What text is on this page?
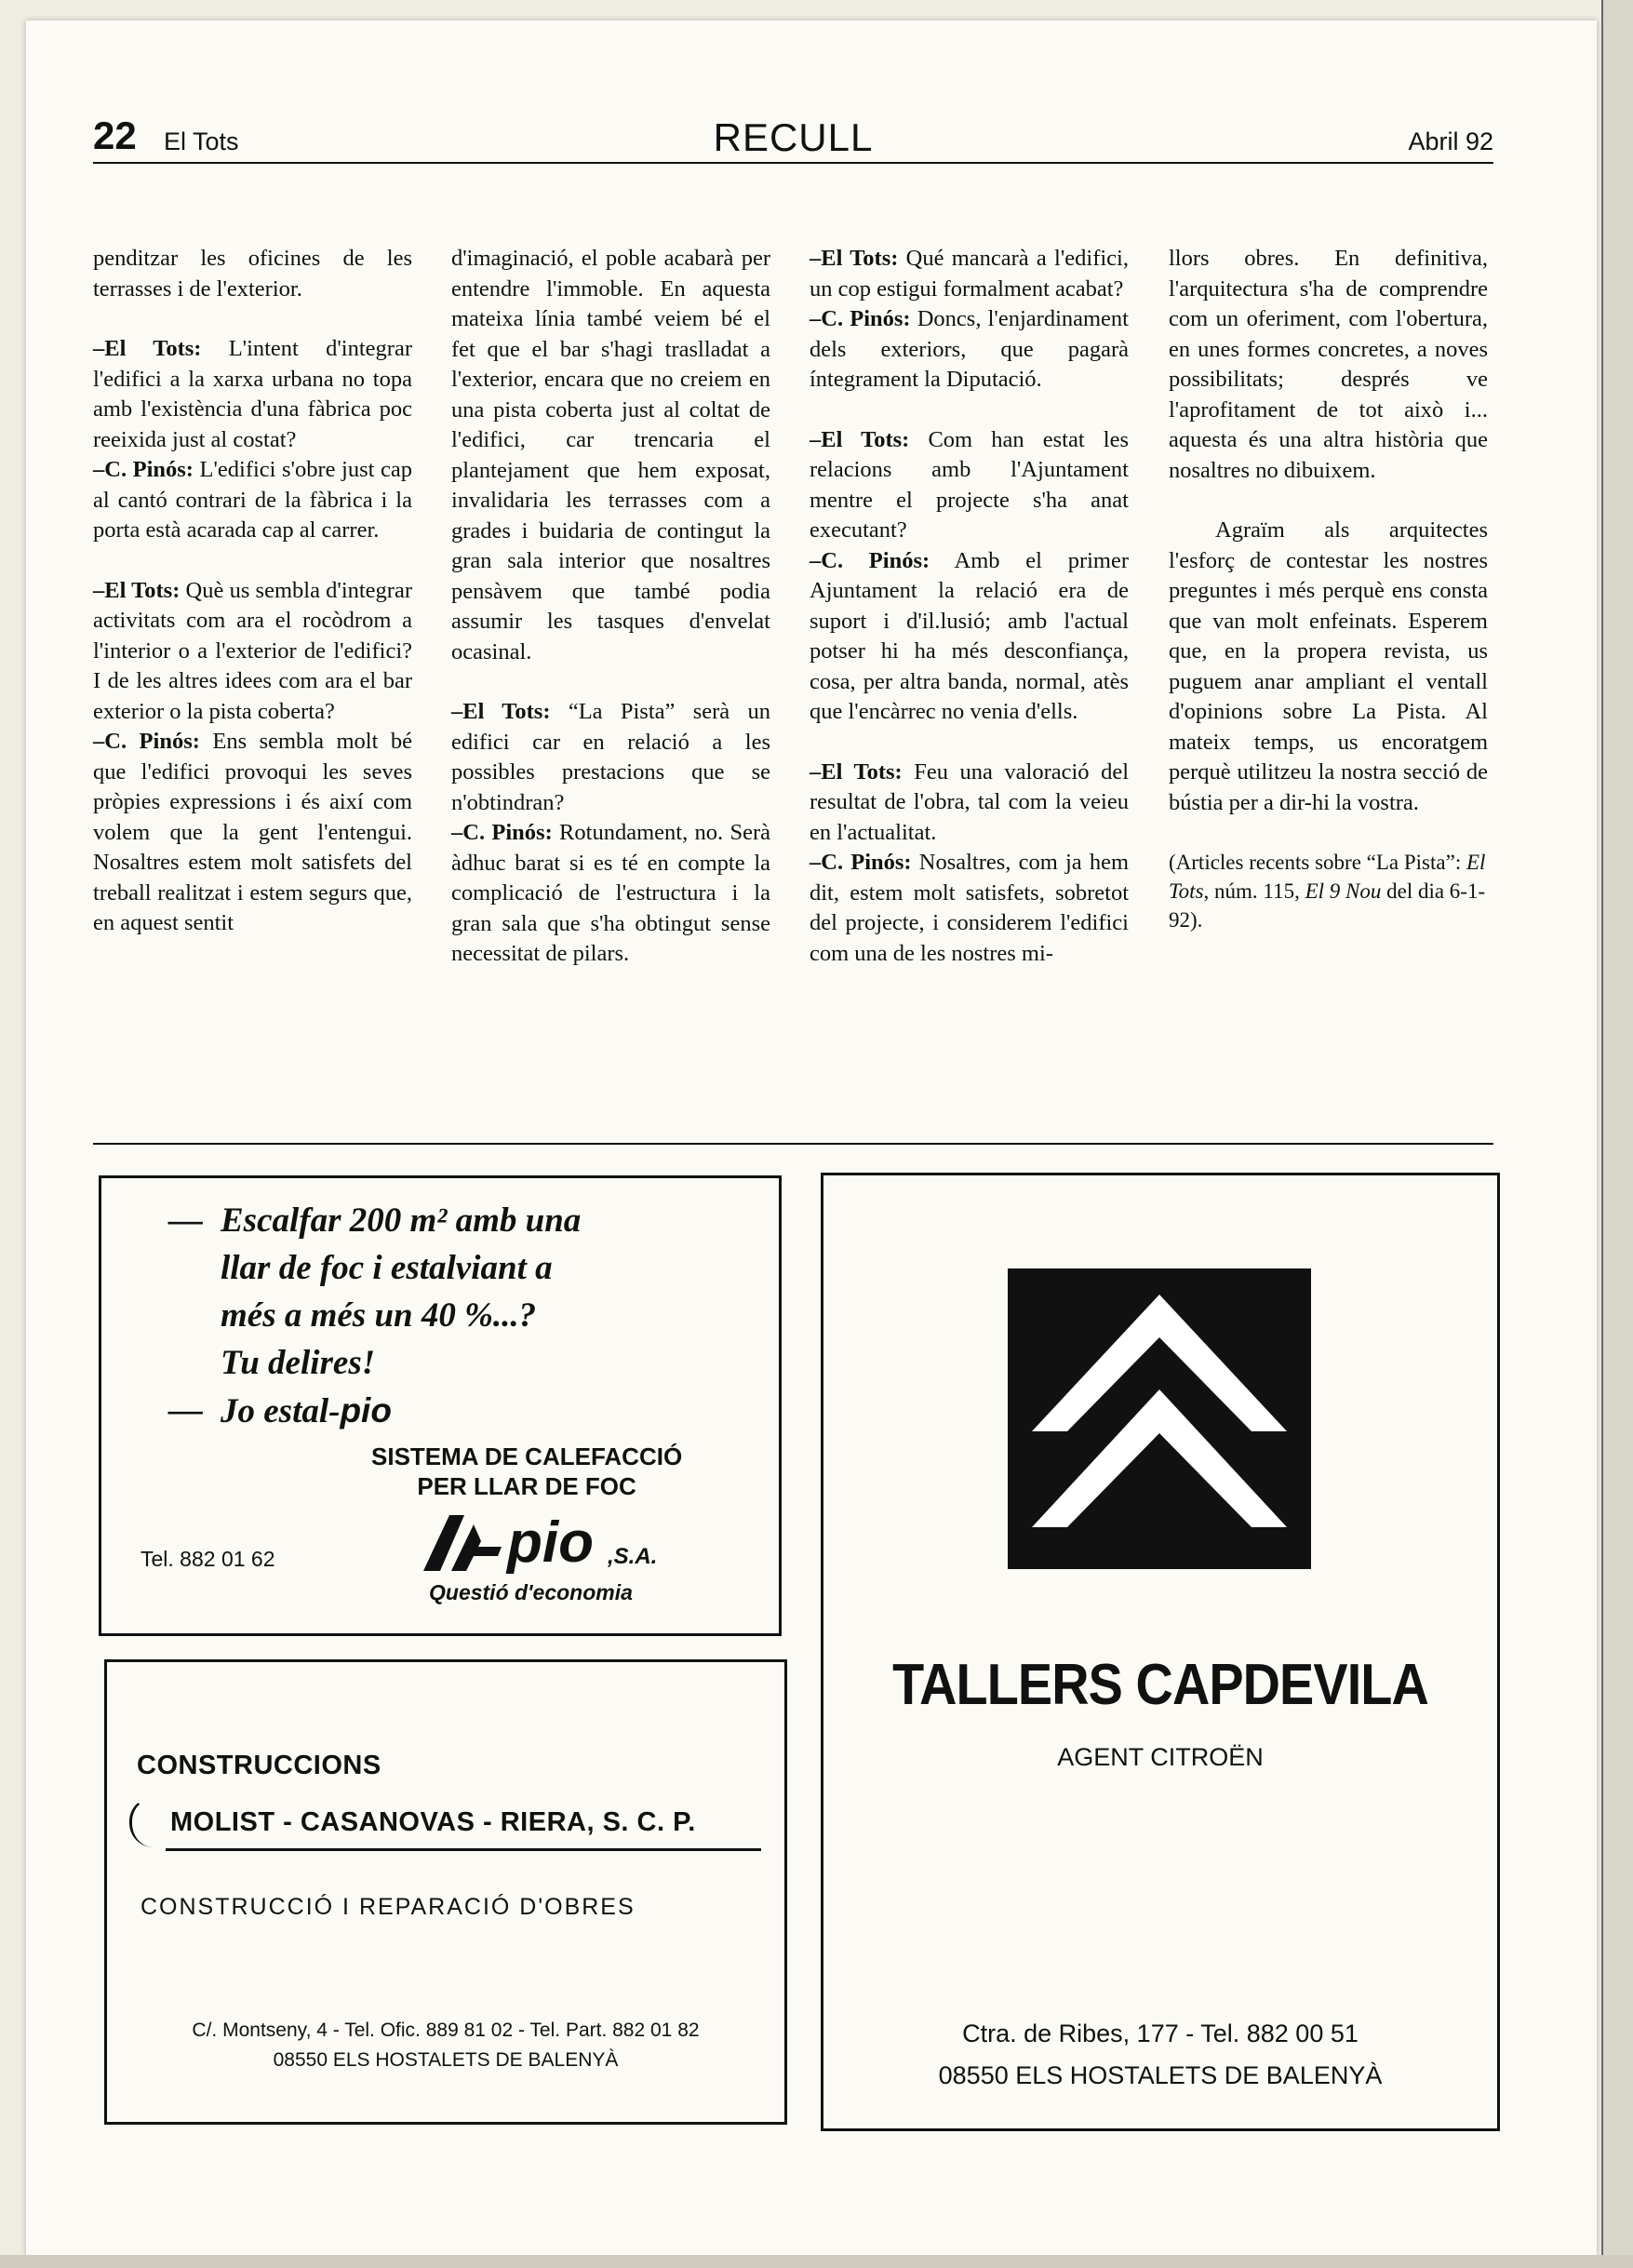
22 El Tots	RECULL	Abril 92

penditzar les oficines de les terrasses i de l'exterior.

–El Tots: L'intent d'integrar l'edifici a la xarxa urbana no topa amb l'existència d'una fàbrica poc reeixida just al costat?

–C. Pinós: L'edifici s'obre just cap al cantó contrari de la fàbrica i la porta està acarada cap al carrer.

–El Tots: Què us sembla d'integrar activitats com ara el rocòdrom a l'interior o a l'exterior de l'edifici? I de les altres idees com ara el bar exterior o la pista coberta?

–C. Pinós: Ens sembla molt bé que l'edifici provoqui les seves pròpies expressions i és així com volem que la gent l'entengui. Nosaltres estem molt satisfets del treball realitzat i estem segurs que, en aquest sentit

d'imaginació, el poble acabarà per entendre l'immoble. En aquesta mateixa línia també veiem bé el fet que el bar s'hagi traslladat a l'exterior, encara que no creiem en una pista coberta just al coltat de l'edifici, car trencaria el plantejament que hem exposat, invalidaria les terrasses com a grades i buidaria de contingut la gran sala interior que nosaltres pensàvem que també podia assumir les tasques d'envelat ocasinal.

–El Tots: “La Pista” serà un edifici car en relació a les possibles prestacions que se n'obtindran?

–C. Pinós: Rotundament, no. Serà àdhuc barat si es té en compte la complicació de l'estructura i la gran sala que s'ha obtingut sense necessitat de pilars.

–El Tots: Qué mancarà a l'edifici, un cop estigui formalment acabat?

–C. Pinós: Doncs, l'enjardinament dels exteriors, que pagarà íntegrament la Diputació.

–El Tots: Com han estat les relacions amb l'Ajuntament mentre el projecte s'ha anat executant?

–C. Pinós: Amb el primer Ajuntament la relació era de suport i d'il.lusió; amb l'actual potser hi ha més desconfiança, cosa, per altra banda, normal, atès que l'encàrrec no venia d'ells.

–El Tots: Feu una valoració del resultat de l'obra, tal com la veieu en l'actualitat.

–C. Pinós: Nosaltres, com ja hem dit, estem molt satisfets, sobretot del projecte, i considerem l'edifici com una de les nostres mi-

llors obres. En definitiva, l'arquitectura s'ha de comprendre com un oferiment, com l'obertura, en unes formes concretes, a noves possibilitats; després ve l'aprofitament de tot això i... aquesta és una altra història que nosaltres no dibuixem.

Agraïm als arquitectes l'esforç de contestar les nostres preguntes i més perquè ens consta que van molt enfeinats. Esperem que, en la propera revista, us puguem anar ampliant el ventall d'opinions sobre La Pista. Al mateix temps, us encoratgem perquè utilitzeu la nostra secció de bústia per a dir-hi la vostra.

(Articles recents sobre “La Pista”: El Tots, núm. 115, El 9 Nou del dia 6-1-92).

— Escalfar 200 m² amb una
llar de foc i estalviant a
més a més un 40 %...?
Tu delires!
— Jo estal-pio
SISTEMA DE CALEFACCIÓ
PER LLAR DE FOC
pio ,S.A.
Questió d'economia
Tel. 882 01 62
CONSTRUCCIONS
MOLIST - CASANOVAS - RIERA, S. C. P.
CONSTRUCCIÓ I REPARACIÓ D'OBRES
C/. Montseny, 4 - Tel. Ofic. 889 81 02 - Tel. Part. 882 01 82
08550 ELS HOSTALETS DE BALENYÀ
TALLERS CAPDEVILA
AGENT CITROËN
Ctra. de Ribes, 177 - Tel. 882 00 51
08550 ELS HOSTALETS DE BALENYÀ
